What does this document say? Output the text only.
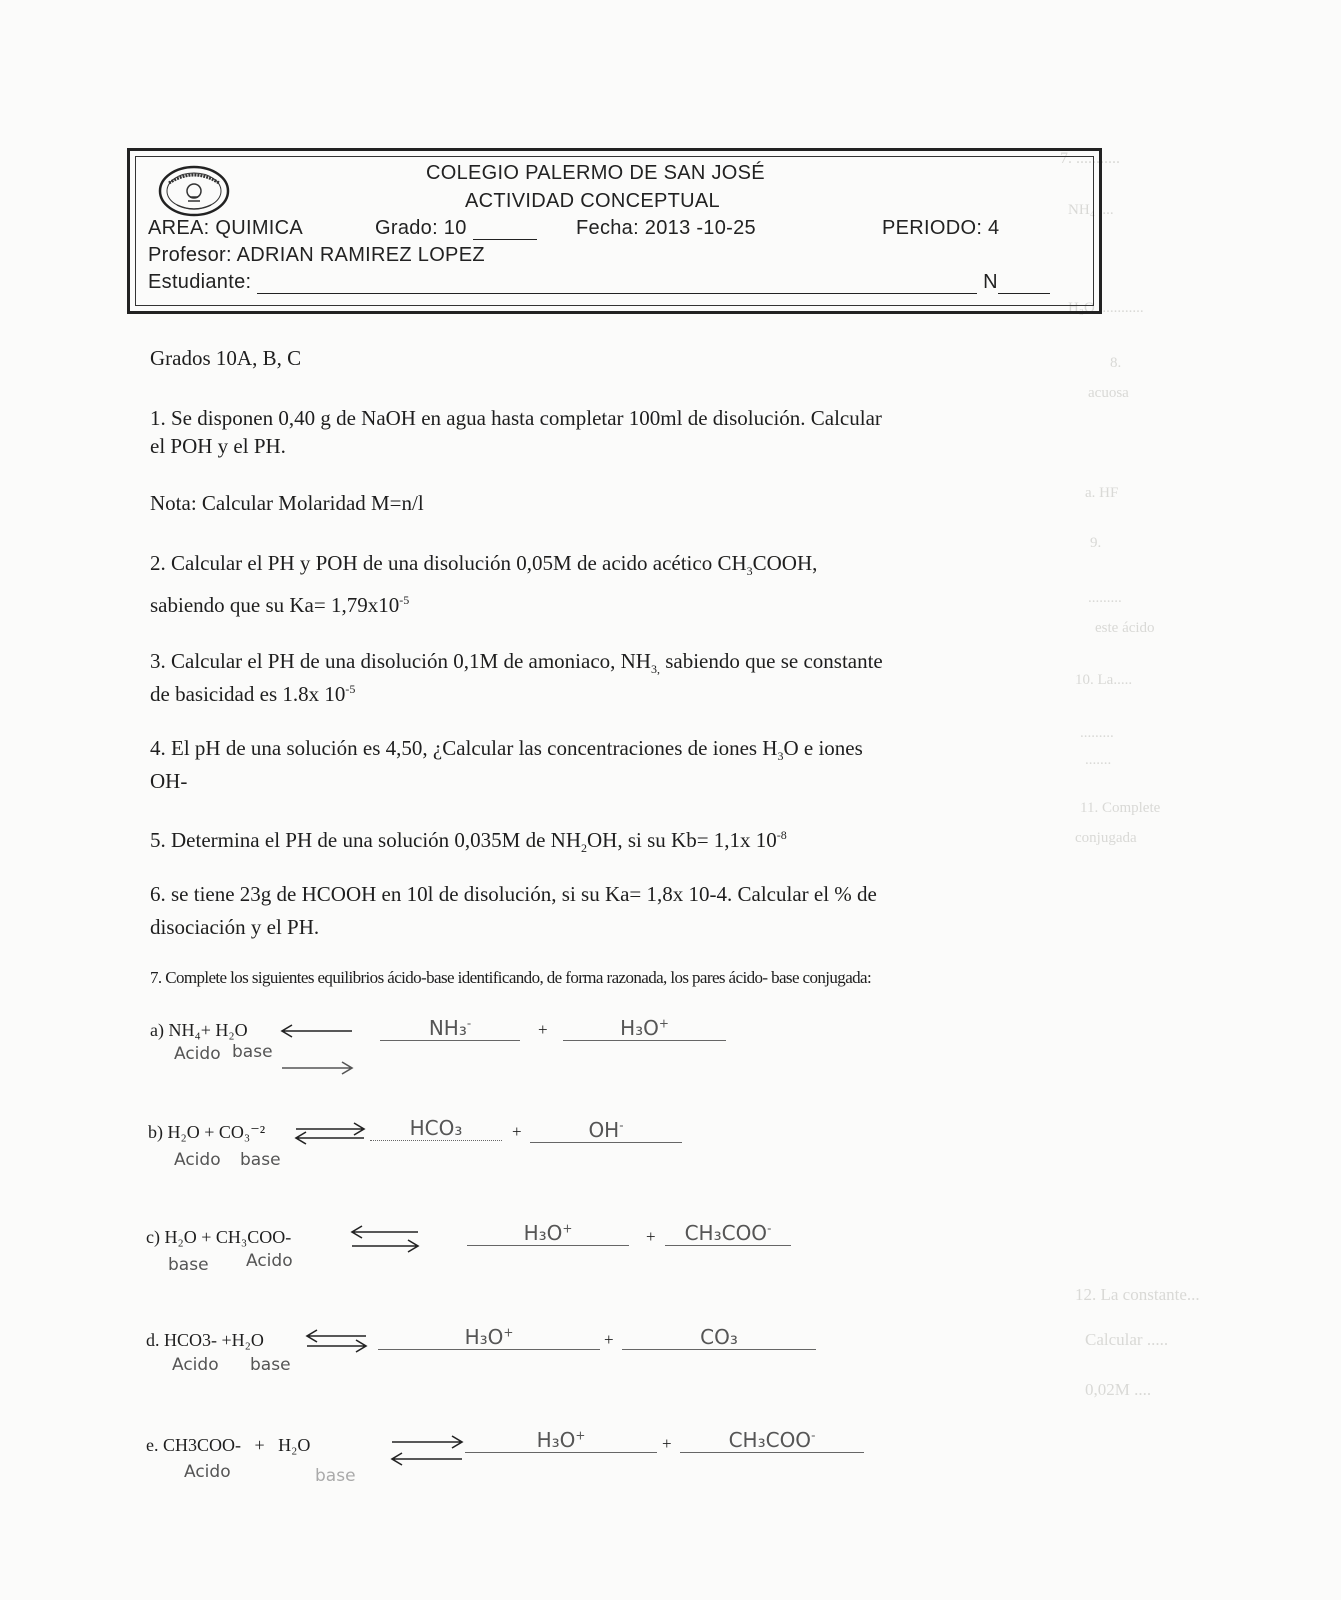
7. ...........
NH₄ ....
H₃O ............
8.
acuosa
a. HF
9.
.........
este ácido
10. La.....
.........
.......
11. Complete
conjugada
12. La constante...
Calcular .....
0,02M ....
COLEGIO PALERMO DE SAN JOSÉ
ACTIVIDAD CONCEPTUAL
AREA: QUIMICA	Grado: 10	Fecha: 2013 -10-25	PERIODO: 4
Profesor: ADRIAN RAMIREZ LOPEZ
Estudiante:	N
Grados 10A, B, C
1. Se disponen 0,40 g de NaOH en agua hasta completar 100ml de disolución. Calcular
el POH y el PH.
Nota: Calcular Molaridad M=n/l
2. Calcular el PH y POH de una disolución 0,05M de acido acético $CH_3COOH$,
sabiendo que su $Ka= 1,79x10^{-5}$
3. Calcular el PH de una disolución 0,1M de amoniaco, $NH_{3,}$ sabiendo que se constante
de basicidad es 1.8x $10^{-5}$
4. El pH de una solución es 4,50, ¿Calcular las concentraciones de iones $H_3O$ e iones
OH-
5. Determina el PH de una solución 0,035M de $NH_2OH$, si su Kb= 1,1x $10^{-8}$
6. se tiene 23g de HCOOH en 10l de disolución, si su Ka= 1,8x 10-4. Calcular el % de
disociación y el PH.
7. Complete los siguientes equilibrios ácido-base identificando, de forma razonada, los pares ácido- base conjugada:
a) NH₄+ H₂O
Acido base
NH₃-	+	H₃O+
b) H₂O + CO₃⁻²
Acido base
HCO₃	+	OH-
c) H₂O + CH₃COO-
base Acido
H₃O+	+	CH₃COO-
d. HCO3- +H₂O
Acido base
H₃O+	+	CO₃
e. CH3COO-   +   H₂O
Acido	base
H₃O+	+	CH₃COO-
